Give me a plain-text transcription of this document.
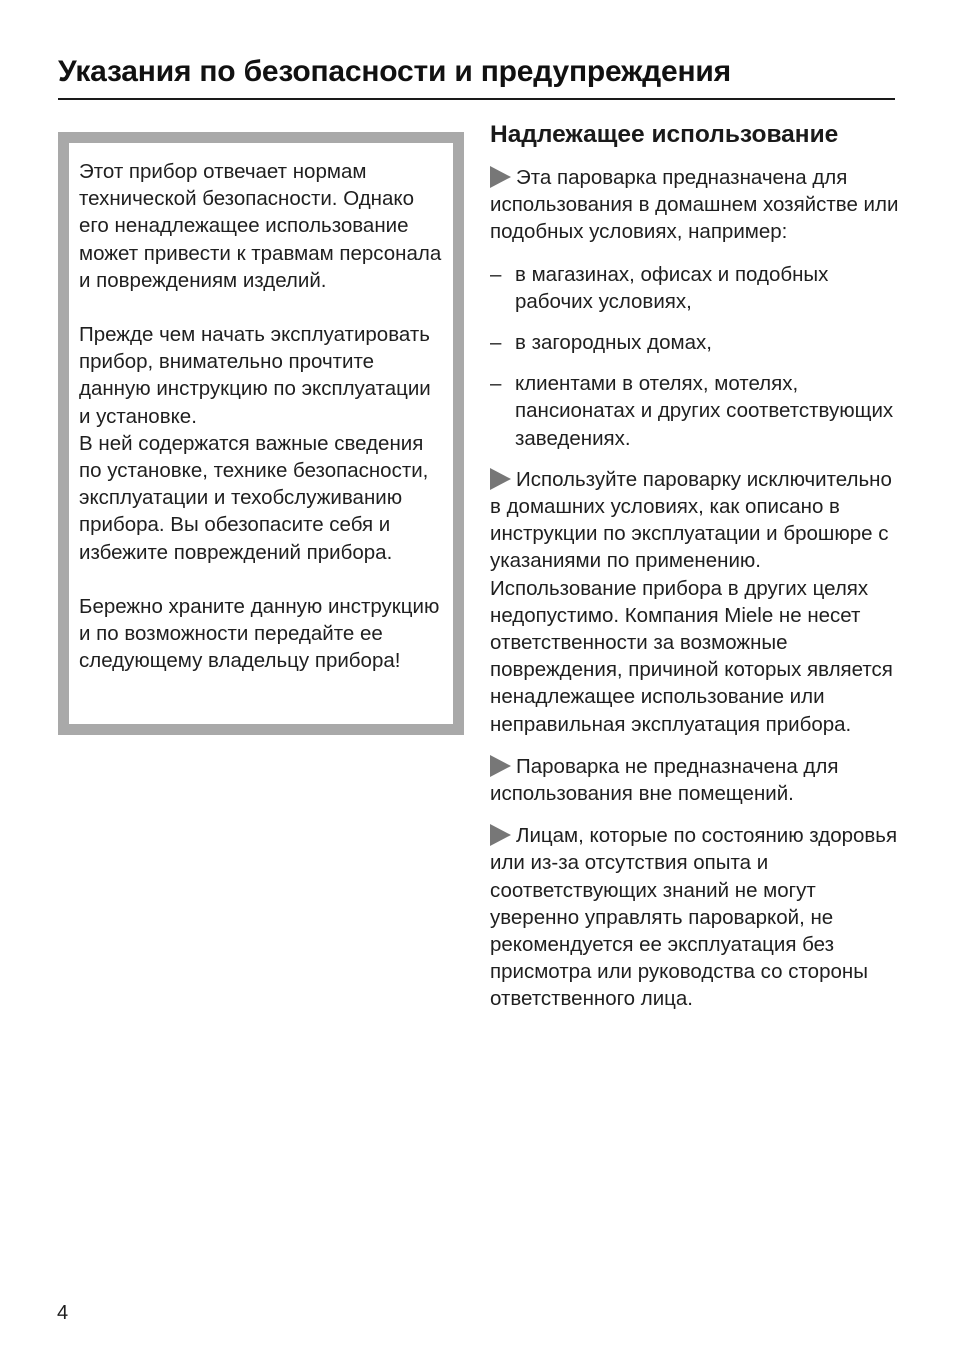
Указания по безопасности и предупреждения

Этот прибор отвечает нормам технической безопасности. Однако его ненадлежащее использование может привести к травмам персонала и повреждениям изделий.

Прежде чем начать эксплуатировать прибор, внимательно прочтите данную инструкцию по эксплуатации и установке.

В ней содержатся важные сведения по установке, технике безопасности, эксплуатации и техобслуживанию прибора. Вы обезопасите себя и избежите повреждений прибора.

Бережно храните данную инструкцию и по возможности передайте ее следующему владельцу прибора!

Надлежащее использование

Эта пароварка предназначена для использования в домашнем хозяйстве или подобных условиях, например:

– в магазинах, офисах и подобных рабочих условиях,
– в загородных домах,
– клиентами в отелях, мотелях, пансионатах и других соответствующих заведениях.

Используйте пароварку исключительно в домашних условиях, как описано в инструкции по эксплуатации и брошюре с указаниями по применению.

Использование прибора в других целях недопустимо. Компания Miele не несет ответственности за возможные повреждения, причиной которых является ненадлежащее использование или неправильная эксплуатация прибора.

Пароварка не предназначена для использования вне помещений.

Лицам, которые по состоянию здоровья или из-за отсутствия опыта и соответствующих знаний не могут уверенно управлять пароваркой, не рекомендуется ее эксплуатация без присмотра или руководства со стороны ответственного лица.

4
